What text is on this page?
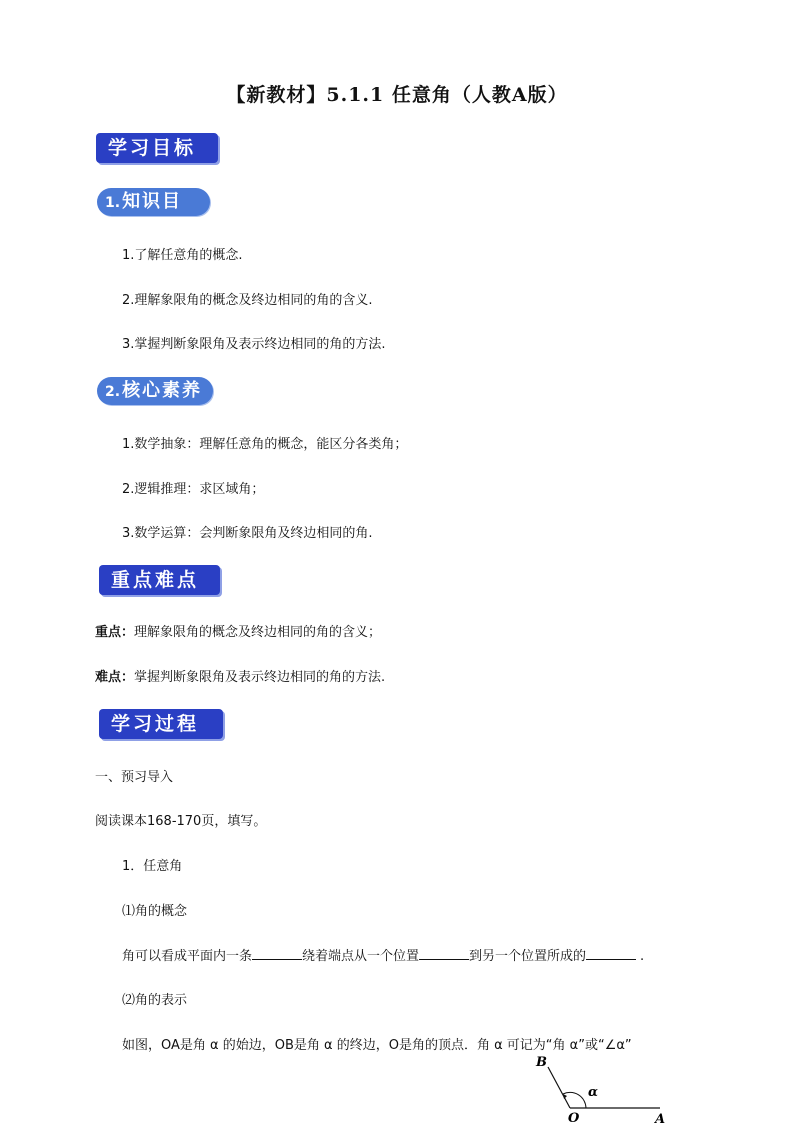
【新教材】5.1.1 任意角（人教A版）
学习目标
1. 知识目标
1.了解任意角的概念.
2.理解象限角的概念及终边相同的角的含义.
3.掌握判断象限角及表示终边相同的角的方法.
2. 核心素养
1.数学抽象：理解任意角的概念，能区分各类角；
2.逻辑推理：求区域角；
3.数学运算：会判断象限角及终边相同的角.
重点难点
重点：理解象限角的概念及终边相同的角的含义；
难点：掌握判断象限角及表示终边相同的角的方法.
学习过程
一、预习导入
阅读课本168-170页，填写。
1．任意角
⑴角的概念
角可以看成平面内一条	绕着端点从一个位置	到另一个位置所成的	.
⑵角的表示
如图，OA是角 α 的始边，OB是角 α 的终边，O是角的顶点．角 α 可记为“角 α”或“∠α”
B
O	A
α
